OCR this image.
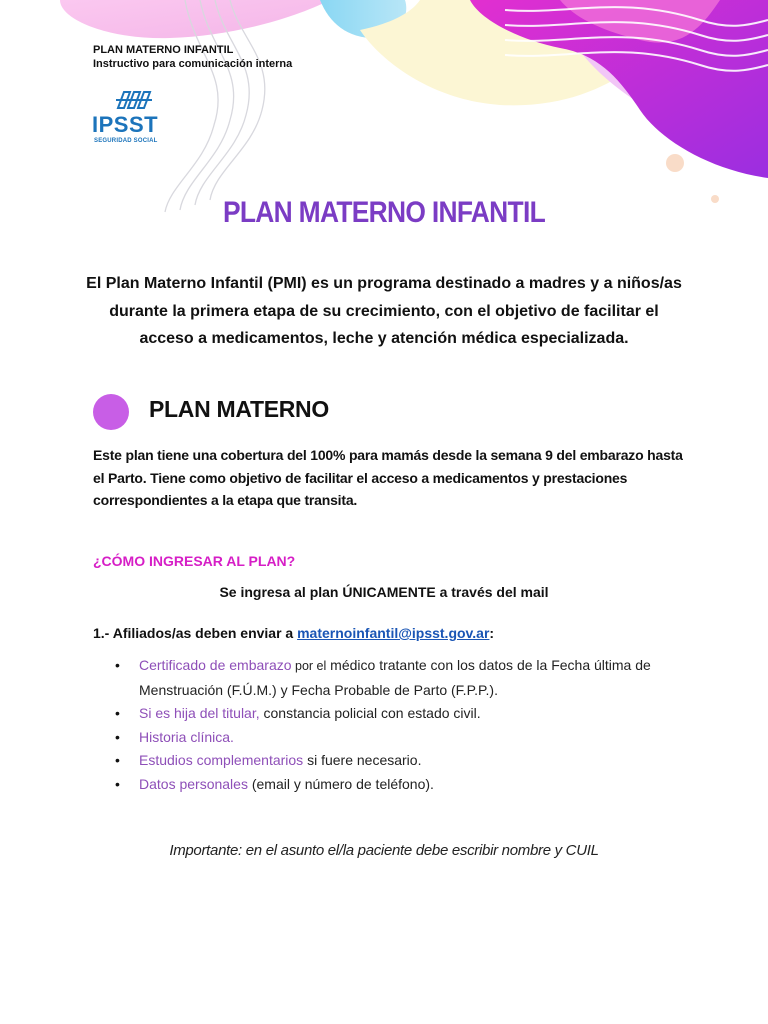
PLAN MATERNO INFANTIL
Instructivo para comunicación interna
IPSST
SEGURIDAD SOCIAL
PLAN MATERNO INFANTIL
El Plan Materno Infantil (PMI) es un programa destinado a madres y a niños/as durante la primera etapa de su crecimiento, con el objetivo de facilitar el acceso a medicamentos, leche y atención médica especializada.
PLAN MATERNO
Este plan tiene una cobertura del 100% para mamás desde la semana 9 del embarazo hasta el Parto. Tiene como objetivo de facilitar el acceso a medicamentos y prestaciones correspondientes a la etapa que transita.
¿CÓMO INGRESAR AL PLAN?
Se ingresa al plan ÚNICAMENTE a través del mail
1.- Afiliados/as deben enviar a maternoinfantil@ipsst.gov.ar:
• Certificado de embarazo por el médico tratante con los datos de la Fecha última de Menstruación (F.Ú.M.) y Fecha Probable de Parto (F.P.P.).
• Si es hija del titular, constancia policial con estado civil.
• Historia clínica.
• Estudios complementarios si fuere necesario.
• Datos personales (email y número de teléfono).
Importante: en el asunto el/la paciente debe escribir nombre y CUIL
